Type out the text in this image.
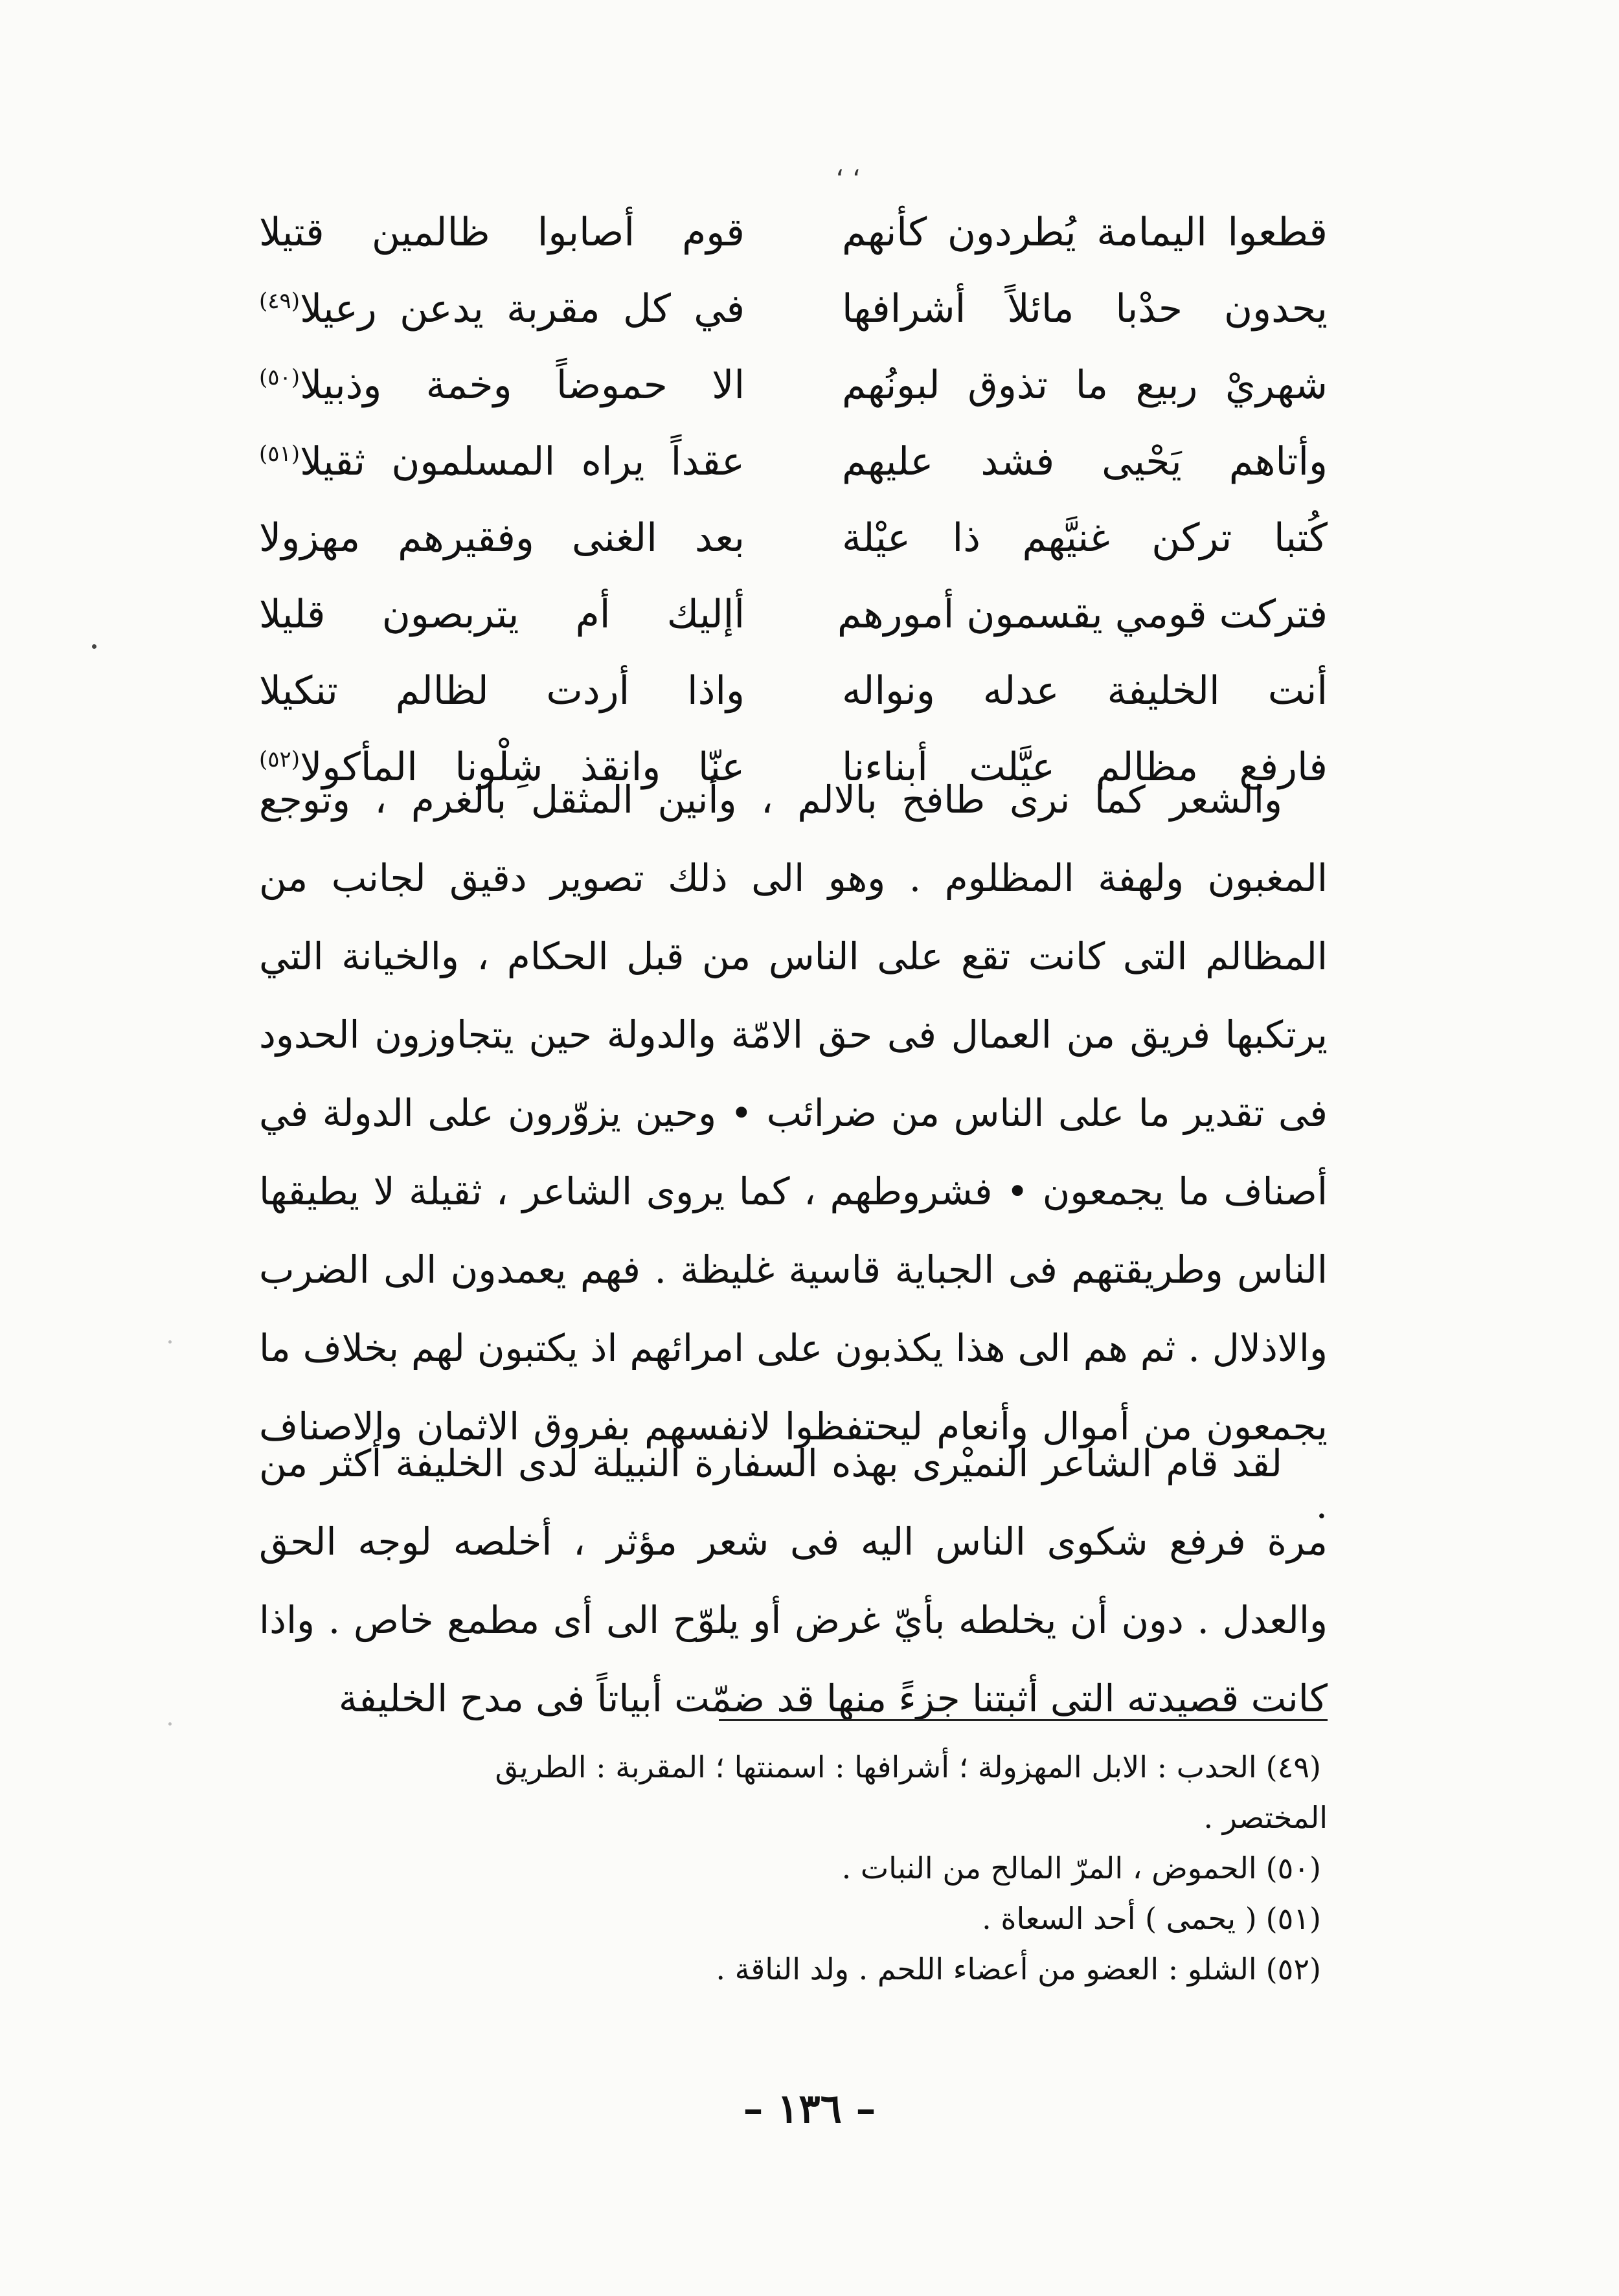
، ،
قطعوا اليمامة يُطردون كأنهم
قوم أصابوا ظالمين قتيلا
يحدون حدْبا مائلاً أشرافها
في كل مقربة يدعن رعيلا$^{(٤٩)}$
شهريْ ربيع ما تذوق لبونُهم
الا حموضاً وخمة وذبيلا$^{(٥٠)}$
وأتاهم يَحْيى فشد عليهم
عقداً يراه المسلمون ثقيلا$^{(٥١)}$
كُتبا تركن غنيَّهم ذا عيْلة
بعد الغنى وفقيرهم مهزولا
فتركت قومي يقسمون أمورهم
أإليك أم يتربصون قليلا
أنت الخليفة عدله ونواله
واذا أردت لظالم تنكيلا
فارفع مظالم عيَّلت أبناءنا
عنّا وانقذ شِلْونا المأكولا$^{(٥٢)}$

والشعر كما نرى طافح بالالم ، وأنين المثقل بالغرم ، وتوجع المغبون ولهفة المظلوم . وهو الى ذلك تصوير دقيق لجانب من المظالم التى كانت تقع على الناس من قبل الحكام ، والخيانة التي يرتكبها فريق من العمال فى حق الامّة والدولة حين يتجاوزون الحدود فى تقدير ما على الناس من ضرائب • وحين يزوّرون على الدولة في أصناف ما يجمعون • فشروطهم ، كما يروى الشاعر ، ثقيلة لا يطيقها الناس وطريقتهم فى الجباية قاسية غليظة . فهم يعمدون الى الضرب والاذلال . ثم هم الى هذا يكذبون على امرائهم اذ يكتبون لهم بخلاف ما يجمعون من أموال وأنعام ليحتفظوا لانفسهم بفروق الاثمان والاصناف .

لقد قام الشاعر النميْرى بهذه السفارة النبيلة لدى الخليفة أكثر من مرة فرفع شكوى الناس اليه فى شعر مؤثر ، أخلصه لوجه الحق والعدل . دون أن يخلطه بأيّ غرض أو يلوّح الى أى مطمع خاص . واذا كانت قصيدته التى أثبتنا جزءً منها قد ضمّت أبياتاً فى مدح الخليفة

(٤٩)الحدب : الابل المهزولة ؛ أشرافها : اسمنتها ؛ المقربة : الطريق

المختصر .

(٥٠)الحموض ، المرّ المالح من النبات .

(٥١)( يحمى ) أحد السعاة .

(٥٢)الشلو : العضو من أعضاء اللحم . ولد الناقة .

– ١٣٦ –
